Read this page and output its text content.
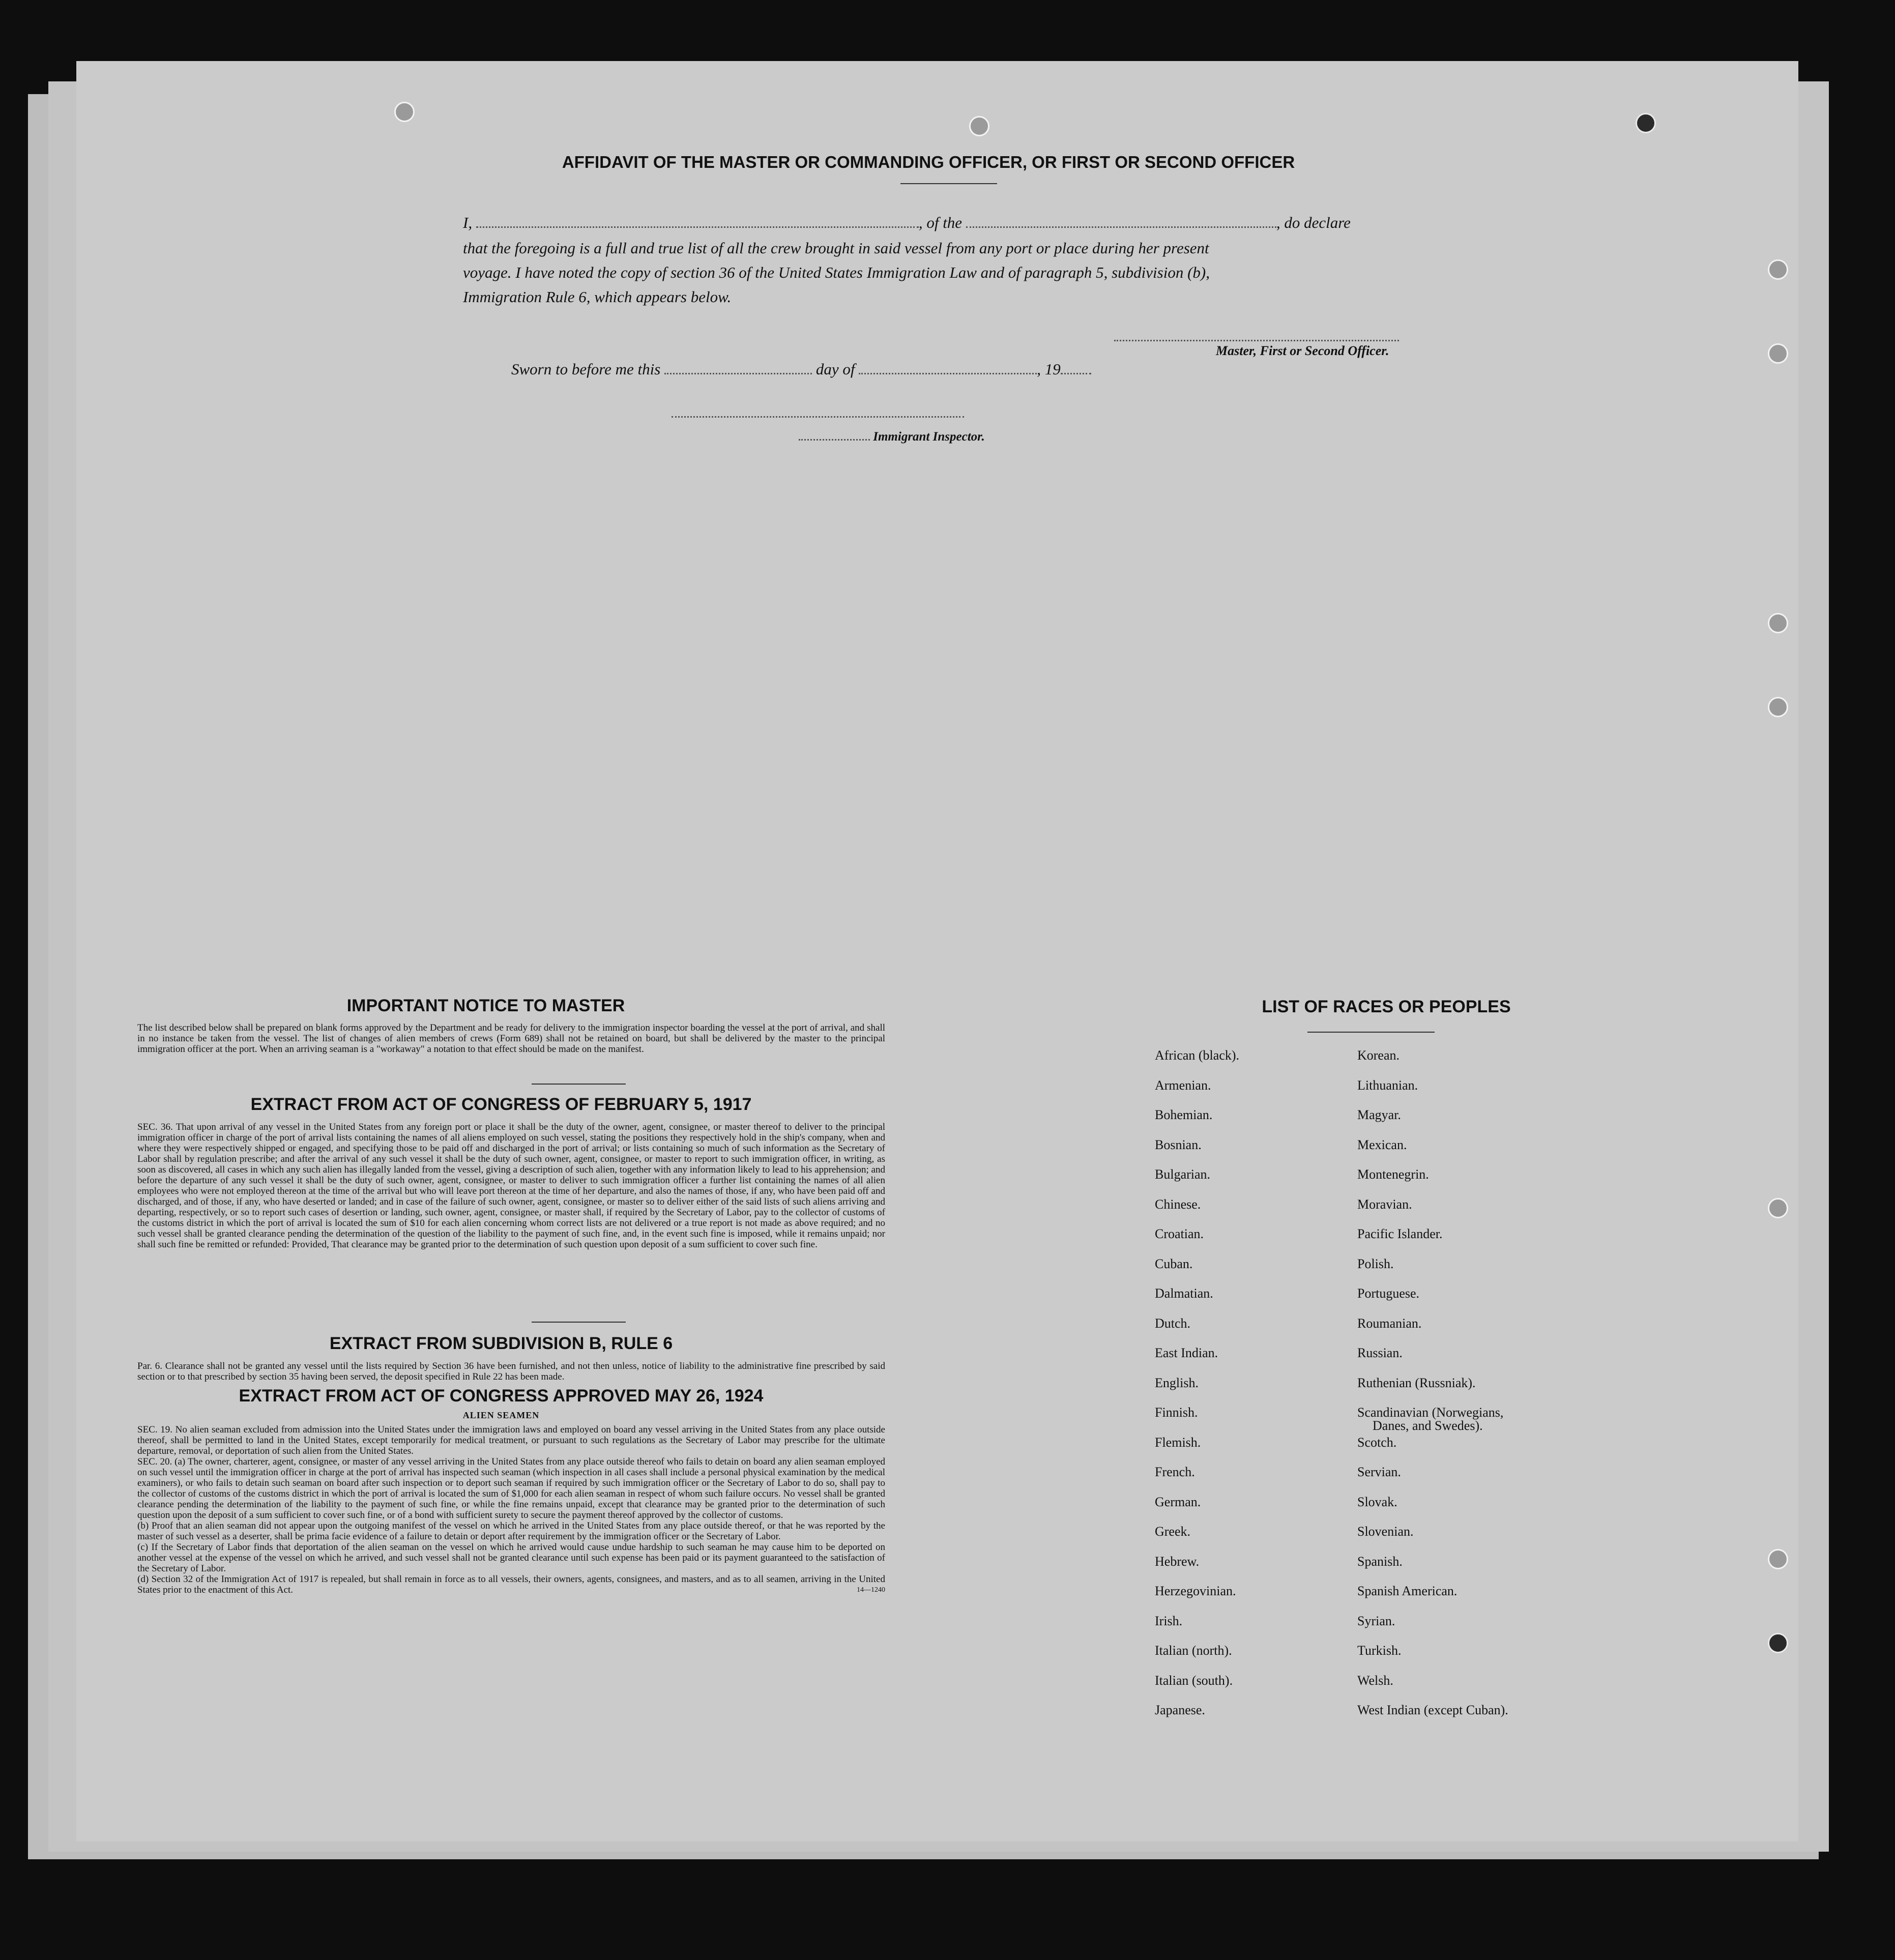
AFFIDAVIT OF THE MASTER OR COMMANDING OFFICER, OR FIRST OR SECOND OFFICER
I,	, of the	, do declare
that the foregoing is a full and true list of all the crew brought in said vessel from any port or place during her present
voyage. I have noted the copy of section 36 of the United States Immigration Law and of paragraph 5, subdivision (b),
Immigration Rule 6, which appears below.
Master, First or Second Officer.
Sworn to before me this	day of	, 19
Immigrant Inspector.
IMPORTANT NOTICE TO MASTER
The list described below shall be prepared on blank forms approved by the Department and be ready for delivery to the immigration inspector boarding the vessel at the port of arrival, and shall in no instance be taken from the vessel. The list of changes of alien members of crews (Form 689) shall not be retained on board, but shall be delivered by the master to the principal immigration officer at the port. When an arriving seaman is a "workaway" a notation to that effect should be made on the manifest.
EXTRACT FROM ACT OF CONGRESS OF FEBRUARY 5, 1917
SEC. 36. That upon arrival of any vessel in the United States from any foreign port or place it shall be the duty of the owner, agent, consignee, or master thereof to deliver to the principal immigration officer in charge of the port of arrival lists containing the names of all aliens employed on such vessel, stating the positions they respectively hold in the ship's company, when and where they were respectively shipped or engaged, and specifying those to be paid off and discharged in the port of arrival; or lists containing so much of such information as the Secretary of Labor shall by regulation prescribe; and after the arrival of any such vessel it shall be the duty of such owner, agent, consignee, or master to report to such immigration officer, in writing, as soon as discovered, all cases in which any such alien has illegally landed from the vessel, giving a description of such alien, together with any information likely to lead to his apprehension; and before the departure of any such vessel it shall be the duty of such owner, agent, consignee, or master to deliver to such immigration officer a further list containing the names of all alien employees who were not employed thereon at the time of the arrival but who will leave port thereon at the time of her departure, and also the names of those, if any, who have been paid off and discharged, and of those, if any, who have deserted or landed; and in case of the failure of such owner, agent, consignee, or master so to deliver either of the said lists of such aliens arriving and departing, respectively, or so to report such cases of desertion or landing, such owner, agent, consignee, or master shall, if required by the Secretary of Labor, pay to the collector of customs of the customs district in which the port of arrival is located the sum of $10 for each alien concerning whom correct lists are not delivered or a true report is not made as above required; and no such vessel shall be granted clearance pending the determination of the question of the liability to the payment of such fine, and, in the event such fine is imposed, while it remains unpaid; nor shall such fine be remitted or refunded: Provided, That clearance may be granted prior to the determination of such question upon deposit of a sum sufficient to cover such fine.
EXTRACT FROM SUBDIVISION B, RULE 6
Par. 6. Clearance shall not be granted any vessel until the lists required by Section 36 have been furnished, and not then unless, notice of liability to the administrative fine prescribed by said section or to that prescribed by section 35 having been served, the deposit specified in Rule 22 has been made.
EXTRACT FROM ACT OF CONGRESS APPROVED MAY 26, 1924
ALIEN SEAMEN
SEC. 19. No alien seaman excluded from admission into the United States under the immigration laws and employed on board any vessel arriving in the United States from any place outside thereof, shall be permitted to land in the United States, except temporarily for medical treatment, or pursuant to such regulations as the Secretary of Labor may prescribe for the ultimate departure, removal, or deportation of such alien from the United States.
SEC. 20. (a) The owner, charterer, agent, consignee, or master of any vessel arriving in the United States from any place outside thereof who fails to detain on board any alien seaman employed on such vessel until the immigration officer in charge at the port of arrival has inspected such seaman (which inspection in all cases shall include a personal physical examination by the medical examiners), or who fails to detain such seaman on board after such inspection or to deport such seaman if required by such immigration officer or the Secretary of Labor to do so, shall pay to the collector of customs of the customs district in which the port of arrival is located the sum of $1,000 for each alien seaman in respect of whom such failure occurs. No vessel shall be granted clearance pending the determination of the liability to the payment of such fine, or while the fine remains unpaid, except that clearance may be granted prior to the determination of such question upon the deposit of a sum sufficient to cover such fine, or of a bond with sufficient surety to secure the payment thereof approved by the collector of customs.
(b) Proof that an alien seaman did not appear upon the outgoing manifest of the vessel on which he arrived in the United States from any place outside thereof, or that he was reported by the master of such vessel as a deserter, shall be prima facie evidence of a failure to detain or deport after requirement by the immigration officer or the Secretary of Labor.
(c) If the Secretary of Labor finds that deportation of the alien seaman on the vessel on which he arrived would cause undue hardship to such seaman he may cause him to be deported on another vessel at the expense of the vessel on which he arrived, and such vessel shall not be granted clearance until such expense has been paid or its payment guaranteed to the satisfaction of the Secretary of Labor.
(d) Section 32 of the Immigration Act of 1917 is repealed, but shall remain in force as to all vessels, their owners, agents, consignees, and masters, and as to all seamen, arriving in the United States prior to the enactment of this Act.	14—1240
LIST OF RACES OR PEOPLES
African (black).
Armenian.
Bohemian.
Bosnian.
Bulgarian.
Chinese.
Croatian.
Cuban.
Dalmatian.
Dutch.
East Indian.
English.
Finnish.
Flemish.
French.
German.
Greek.
Hebrew.
Herzegovinian.
Irish.
Italian (north).
Italian (south).
Japanese.
Korean.
Lithuanian.
Magyar.
Mexican.
Montenegrin.
Moravian.
Pacific Islander.
Polish.
Portuguese.
Roumanian.
Russian.
Ruthenian (Russniak).
Scandinavian (Norwegians,
Scotch.
Servian.
Slovak.
Slovenian.
Spanish.
Spanish American.
Syrian.
Turkish.
Welsh.
West Indian (except Cuban).
Danes, and Swedes).
